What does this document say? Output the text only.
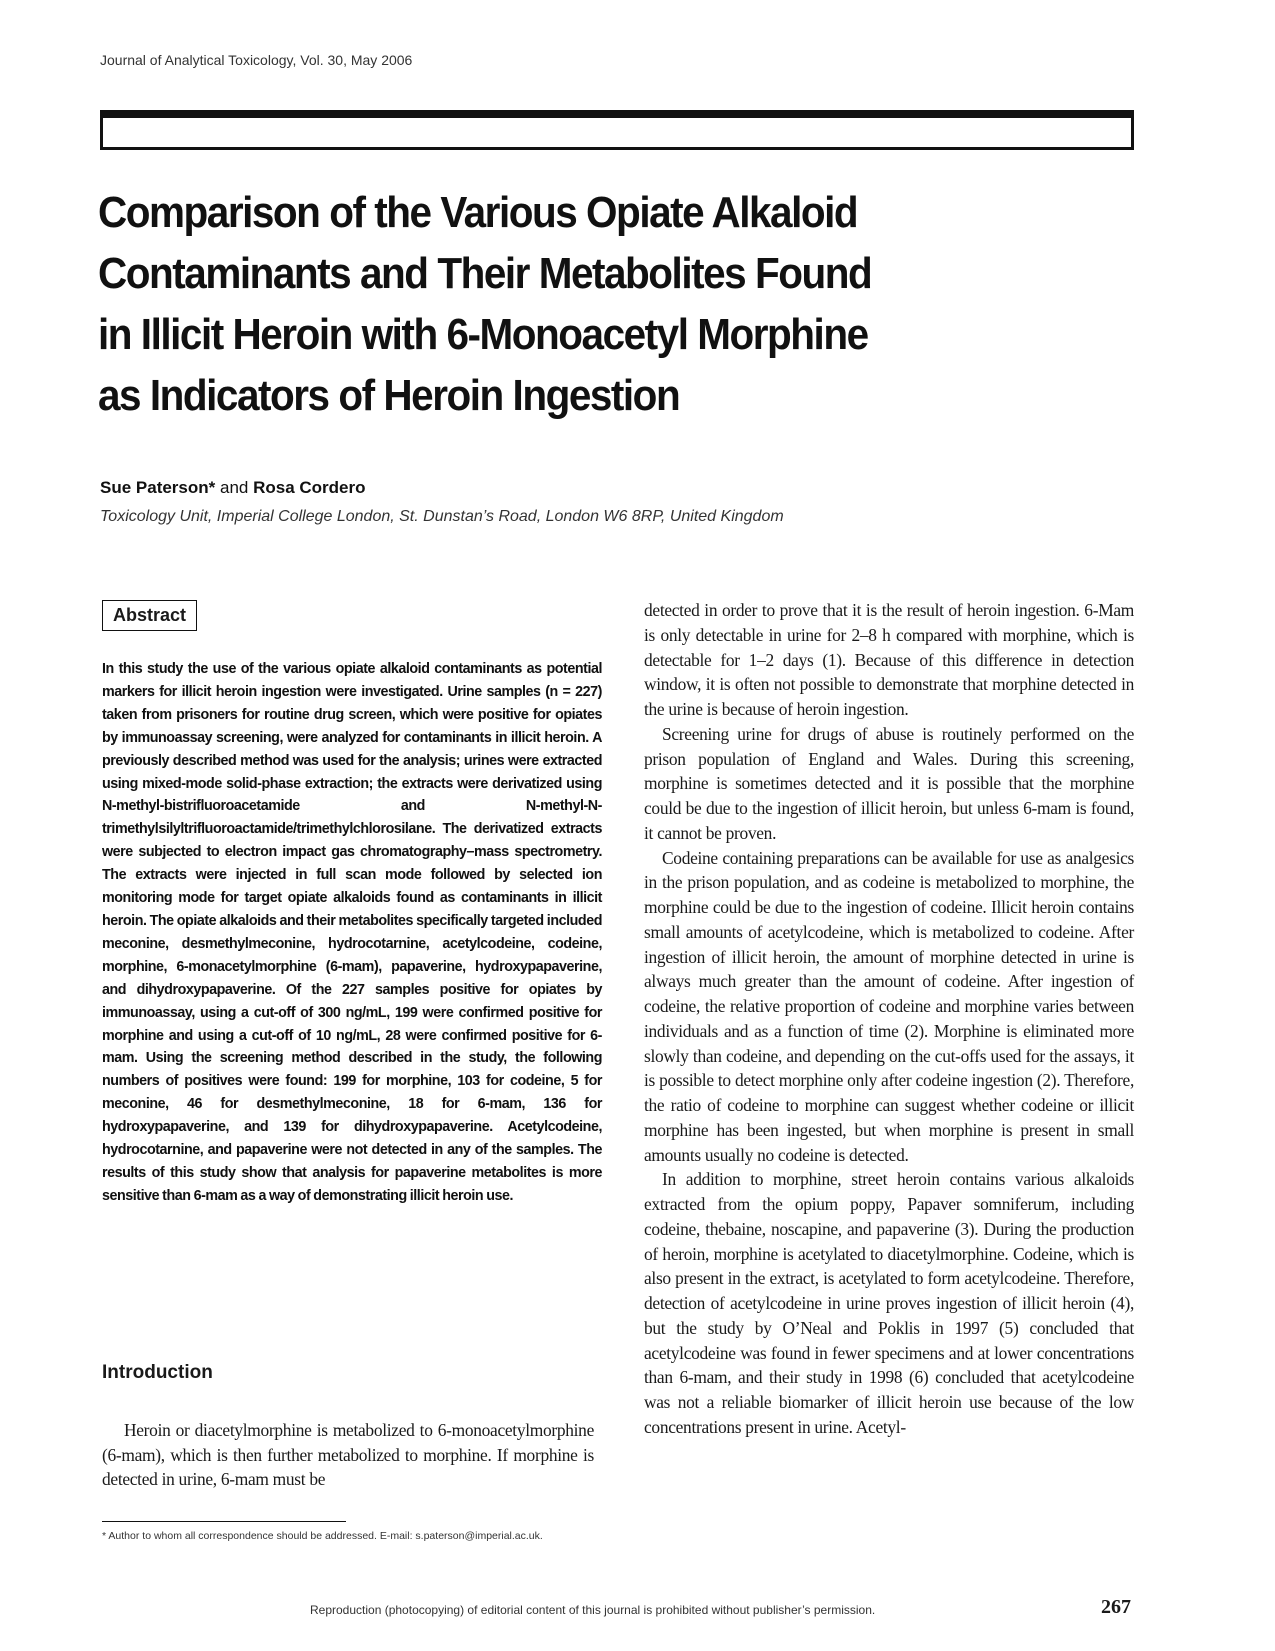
Journal of Analytical Toxicology, Vol. 30, May 2006
Comparison of the Various Opiate Alkaloid
Contaminants and Their Metabolites Found
in Illicit Heroin with 6-Monoacetyl Morphine
as Indicators of Heroin Ingestion
Sue Paterson* and Rosa Cordero
Toxicology Unit, Imperial College London, St. Dunstan’s Road, London W6 8RP, United Kingdom
Abstract
In this study the use of the various opiate alkaloid contaminants as potential markers for illicit heroin ingestion were investigated. Urine samples (n = 227) taken from prisoners for routine drug screen, which were positive for opiates by immunoassay screening, were analyzed for contaminants in illicit heroin. A previously described method was used for the analysis; urines were extracted using mixed-mode solid-phase extraction; the extracts were derivatized using N-methyl-bistrifluoroacetamide and N-methyl-N-trimethylsilyltrifluoroactamide/trimethylchlorosilane. The derivatized extracts were subjected to electron impact gas chromatography–mass spectrometry. The extracts were injected in full scan mode followed by selected ion monitoring mode for target opiate alkaloids found as contaminants in illicit heroin. The opiate alkaloids and their metabolites specifically targeted included meconine, desmethylmeconine, hydrocotarnine, acetylcodeine, codeine, morphine, 6-monacetylmorphine (6-mam), papaverine, hydroxypapaverine, and dihydroxypapaverine. Of the 227 samples positive for opiates by immunoassay, using a cut-off of 300 ng/mL, 199 were confirmed positive for morphine and using a cut-off of 10 ng/mL, 28 were confirmed positive for 6-mam. Using the screening method described in the study, the following numbers of positives were found: 199 for morphine, 103 for codeine, 5 for meconine, 46 for desmethylmeconine, 18 for 6-mam, 136 for hydroxypapaverine, and 139 for dihydroxypapaverine. Acetylcodeine, hydrocotarnine, and papaverine were not detected in any of the samples. The results of this study show that analysis for papaverine metabolites is more sensitive than 6-mam as a way of demonstrating illicit heroin use.
Introduction
Heroin or diacetylmorphine is metabolized to 6-monoacetylmorphine (6-mam), which is then further metabolized to morphine. If morphine is detected in urine, 6-mam must be
* Author to whom all correspondence should be addressed. E-mail: s.paterson@imperial.ac.uk.

detected in order to prove that it is the result of heroin ingestion. 6-Mam is only detectable in urine for 2–8 h compared with morphine, which is detectable for 1–2 days (1). Because of this difference in detection window, it is often not possible to demonstrate that morphine detected in the urine is because of heroin ingestion.

Screening urine for drugs of abuse is routinely performed on the prison population of England and Wales. During this screening, morphine is sometimes detected and it is possible that the morphine could be due to the ingestion of illicit heroin, but unless 6-mam is found, it cannot be proven.

Codeine containing preparations can be available for use as analgesics in the prison population, and as codeine is metabolized to morphine, the morphine could be due to the ingestion of codeine. Illicit heroin contains small amounts of acetylcodeine, which is metabolized to codeine. After ingestion of illicit heroin, the amount of morphine detected in urine is always much greater than the amount of codeine. After ingestion of codeine, the relative proportion of codeine and morphine varies between individuals and as a function of time (2). Morphine is eliminated more slowly than codeine, and depending on the cut-offs used for the assays, it is possible to detect morphine only after codeine ingestion (2). Therefore, the ratio of codeine to morphine can suggest whether codeine or illicit morphine has been ingested, but when morphine is present in small amounts usually no codeine is detected.

In addition to morphine, street heroin contains various alkaloids extracted from the opium poppy, Papaver somniferum, including codeine, thebaine, noscapine, and papaverine (3). During the production of heroin, morphine is acetylated to diacetylmorphine. Codeine, which is also present in the extract, is acetylated to form acetylcodeine. Therefore, detection of acetylcodeine in urine proves ingestion of illicit heroin (4), but the study by O’Neal and Poklis in 1997 (5) concluded that acetylcodeine was found in fewer specimens and at lower concentrations than 6-mam, and their study in 1998 (6) concluded that acetylcodeine was not a reliable biomarker of illicit heroin use because of the low concentrations present in urine. Acetyl-

Reproduction (photocopying) of editorial content of this journal is prohibited without publisher’s permission.	267
